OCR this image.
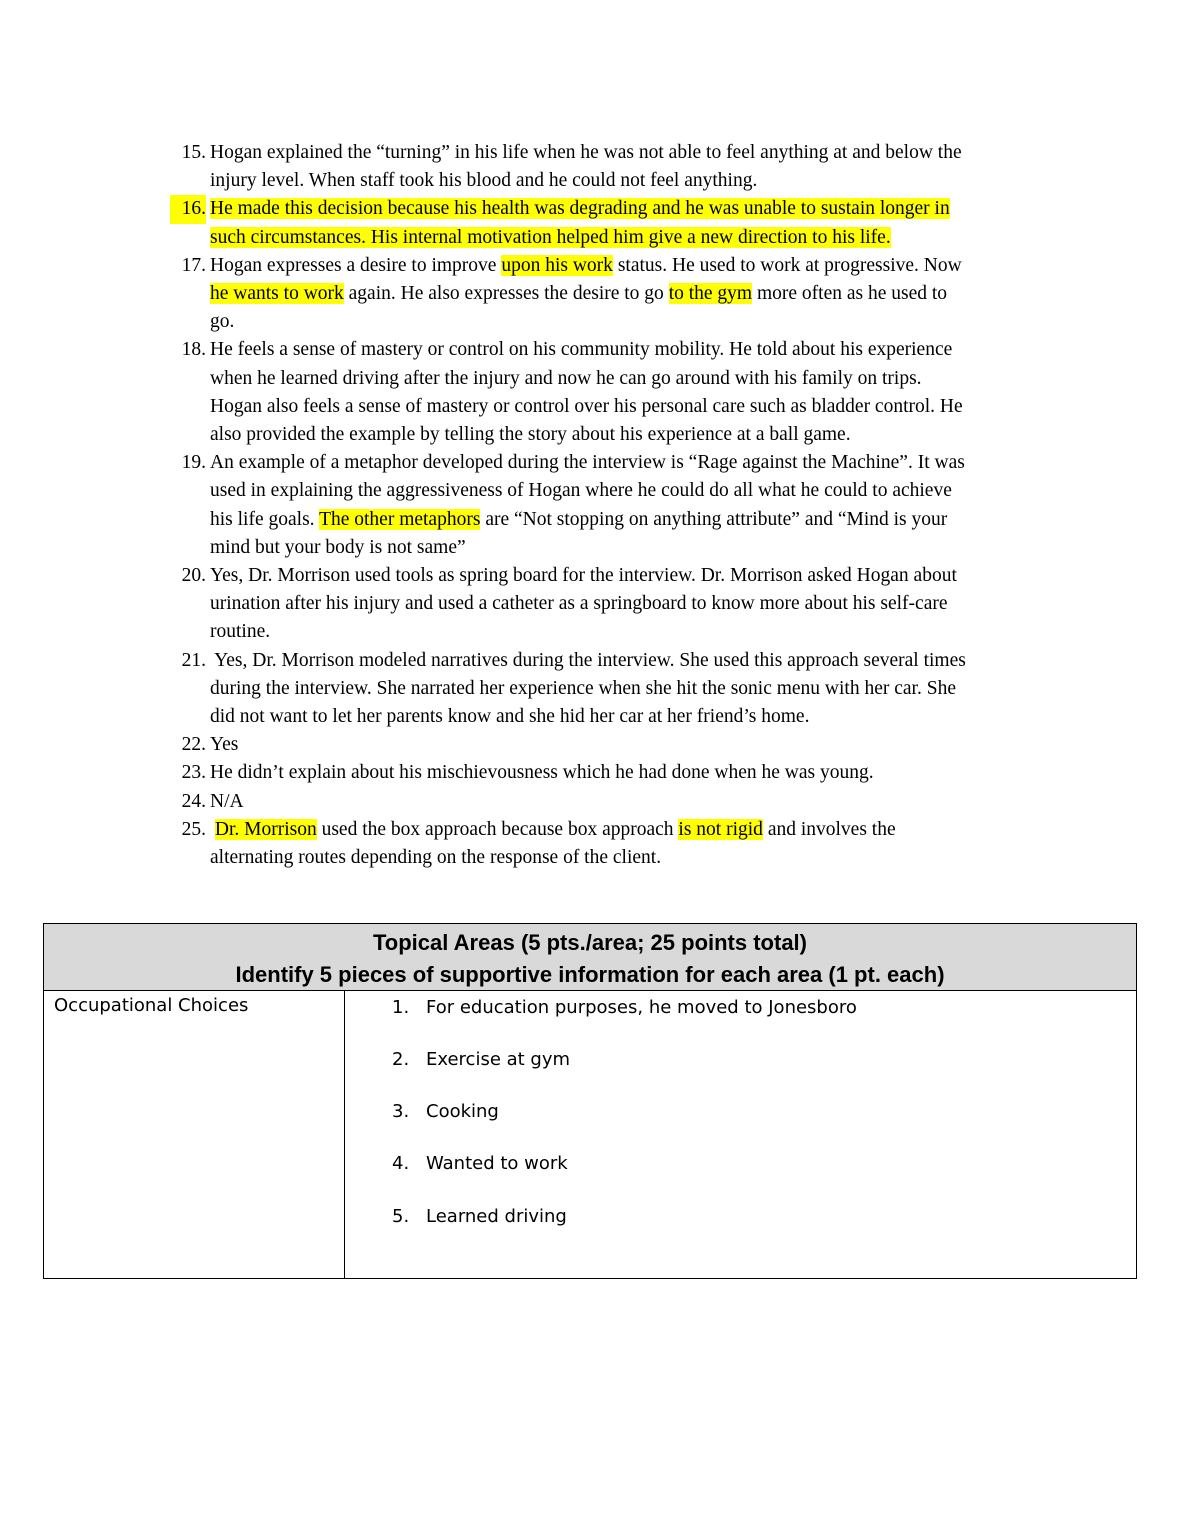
15. Hogan explained the “turning” in his life when he was not able to feel anything at and below the
injury level. When staff took his blood and he could not feel anything.
16. He made this decision because his health was degrading and he was unable to sustain longer in
such circumstances. His internal motivation helped him give a new direction to his life.
17. Hogan expresses a desire to improve upon his work status. He used to work at progressive. Now
he wants to work again. He also expresses the desire to go to the gym more often as he used to
go.
18. He feels a sense of mastery or control on his community mobility. He told about his experience
when he learned driving after the injury and now he can go around with his family on trips.
Hogan also feels a sense of mastery or control over his personal care such as bladder control. He
also provided the example by telling the story about his experience at a ball game.
19. An example of a metaphor developed during the interview is “Rage against the Machine”. It was
used in explaining the aggressiveness of Hogan where he could do all what he could to achieve
his life goals. The other metaphors are “Not stopping on anything attribute” and “Mind is your
mind but your body is not same”
20. Yes, Dr. Morrison used tools as spring board for the interview. Dr. Morrison asked Hogan about
urination after his injury and used a catheter as a springboard to know more about his self-care
routine.
21. Yes, Dr. Morrison modeled narratives during the interview. She used this approach several times
during the interview. She narrated her experience when she hit the sonic menu with her car. She
did not want to let her parents know and she hid her car at her friend’s home.
22. Yes
23. He didn’t explain about his mischievousness which he had done when he was young.
24. N/A
25. Dr. Morrison used the box approach because box approach is not rigid and involves the
alternating routes depending on the response of the client.
Topical Areas (5 pts./area; 25 points total)
Identify 5 pieces of supportive information for each area (1 pt. each)
Occupational Choices	1. For education purposes, he moved to Jonesboro
2. Exercise at gym
3. Cooking
4. Wanted to work
5. Learned driving
